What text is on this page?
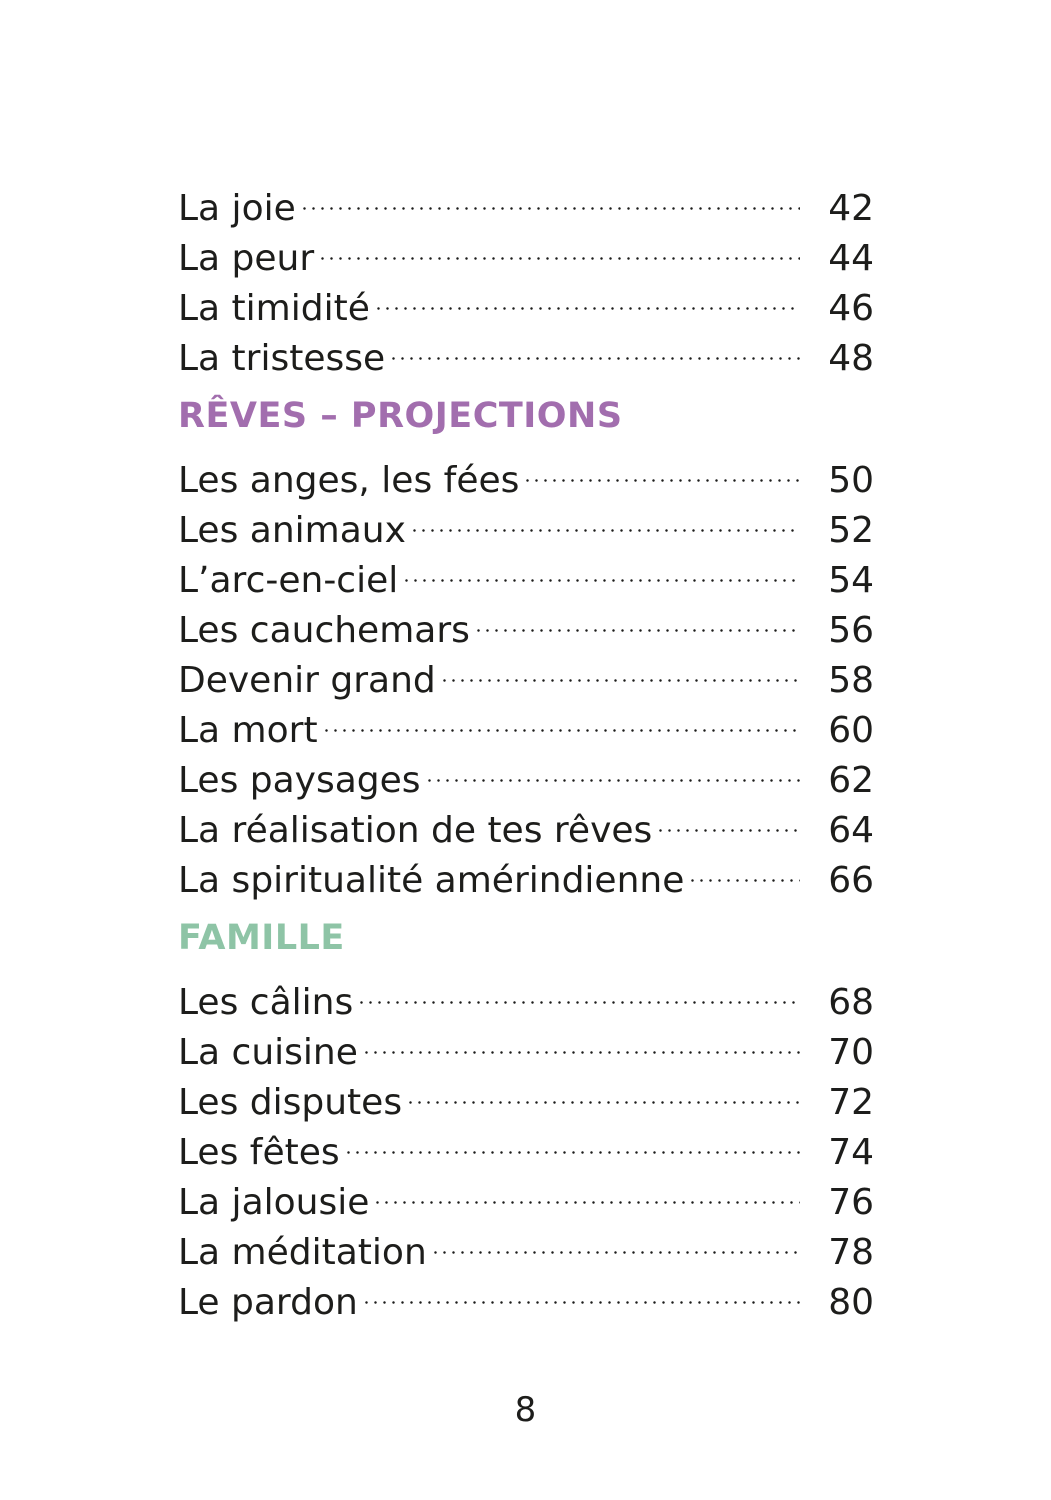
La joie	42
La peur	44
La timidité	46
La tristesse	48
RÊVES – PROJECTIONS
Les anges, les fées	50
Les animaux	52
L’arc-en-ciel	54
Les cauchemars	56
Devenir grand	58
La mort	60
Les paysages	62
La réalisation de tes rêves	64
La spiritualité amérindienne	66
FAMILLE
Les câlins	68
La cuisine	70
Les disputes	72
Les fêtes	74
La jalousie	76
La méditation	78
Le pardon	80
8
